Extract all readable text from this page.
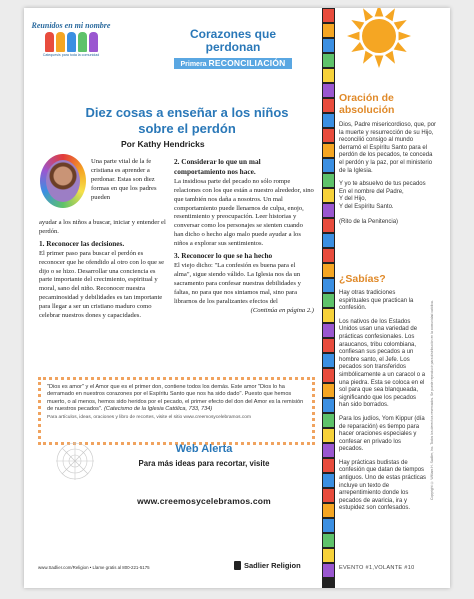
Reunidos en mi nombre
Catequesis para toda la comunidad
Corazones que
perdonan
Primera RECONCILIACIÓN
Diez cosas a enseñar a los niños
sobre el perdón
Por Kathy Hendricks
Una parte vital de la fe cristiana es aprender a perdonar. Estas son diez formas en que los padres pueden
ayudar a los niños a buscar, iniciar y entender el perdón.
1. Reconocer las decisiones.
El primer paso para buscar el perdón es reconocer que he ofendido al otro con lo que se dijo o se hizo. Desarrollar una conciencia es parte importante del crecimiento, espiritual y moral, sano del niño. Reconocer nuestra pecaminosidad y debilidades es tan importante para llegar a ser un cristiano maduro como celebrar nuestros dones y capacidades.
2. Considerar lo que un mal
comportamiento nos hace.
La insidiosa parte del pecado no sólo rompe relaciones con los que están a nuestro alrededor, sino que también nos daña a nosotros. Un mal comportamiento puede llenarnos de culpa, enojo, resentimiento y preocupación. Leer historias y conversar como los personajes se sienten cuando han dicho o hecho algo malo puede ayudar a los niños a explorar sus sentimientos.
3. Reconocer lo que se ha hecho
El viejo dicho: "La confesión es buena para el alma", sigue siendo válido. La Iglesia nos da un sacramento para confesar nuestras debilidades y faltas, no para que nos sintamos mal, sino para librarnos de los paralizantes efectos del
(Continúa en página 2.)
"Dios es amor" y el Amor que es el primer don, contiene todos los demás. Este amor "Dios lo ha derramado en nuestros corazones por el Espíritu Santo que nos ha sido dado". Puesto que hemos muerto, o al menos, hemos sido heridos por el pecado, el primer efecto del don del Amor es la remisión de nuestros pecados". (Catecismo de la Iglesia Católica, 733, 734)
Para artículos, ideas, oraciones y libro de recortes, visite el sitio www.creemosycelebramos.com
Web Alerta
Para más ideas para recortar, visite
www.creemosycelebramos.com
www.Sadlier.com/Religion • Llame gratis al 800-221-5175	Sadlier Religion	EVENTO #1,VOLANTE #10
Oración de
absolución

Dios, Padre misericordioso, que, por la muerte y resurrección de su Hijo, reconcilió consigo al mundo derramó el Espíritu Santo para el perdón de los pecados, te conceda el perdón y la paz, por el ministerio de la Iglesia.

Y yo te absuelvo de tus pecados
En el nombre del Padre,
Y del Hijo,
Y del Espíritu Santo.
(Rito de la Penitencia)
¿Sabías?

Hay otras tradiciones espirituales que practican la confesión.

Los nativos de los Estados Unidos usan una variedad de prácticas confesionales. Los araucanos, tribu colombiana, confiesan sus pecados a un hombre santo, el Jefe. Los pecados son transferidos simbólicamente a un caracol o a una piedra. Esta se coloca en el sol para que sea blanqueada, significando que los pecados han sido borrados.

Para los judíos, Yom Kippur (día de reparación) es tiempo para hacer oraciones especiales y confesar en privado los pecados.

Hay prácticas budistas de confesión que datan de tiempos antiguos. Uno de estas prácticas incluye un texto de arrepentimiento donde los pecados de avaricia, ira y estupidez son confesados.

Copyright © William H. Sadlier, Inc. Todos los derechos reservados. Se puede reproducir para distribución en la comunidad católica.
